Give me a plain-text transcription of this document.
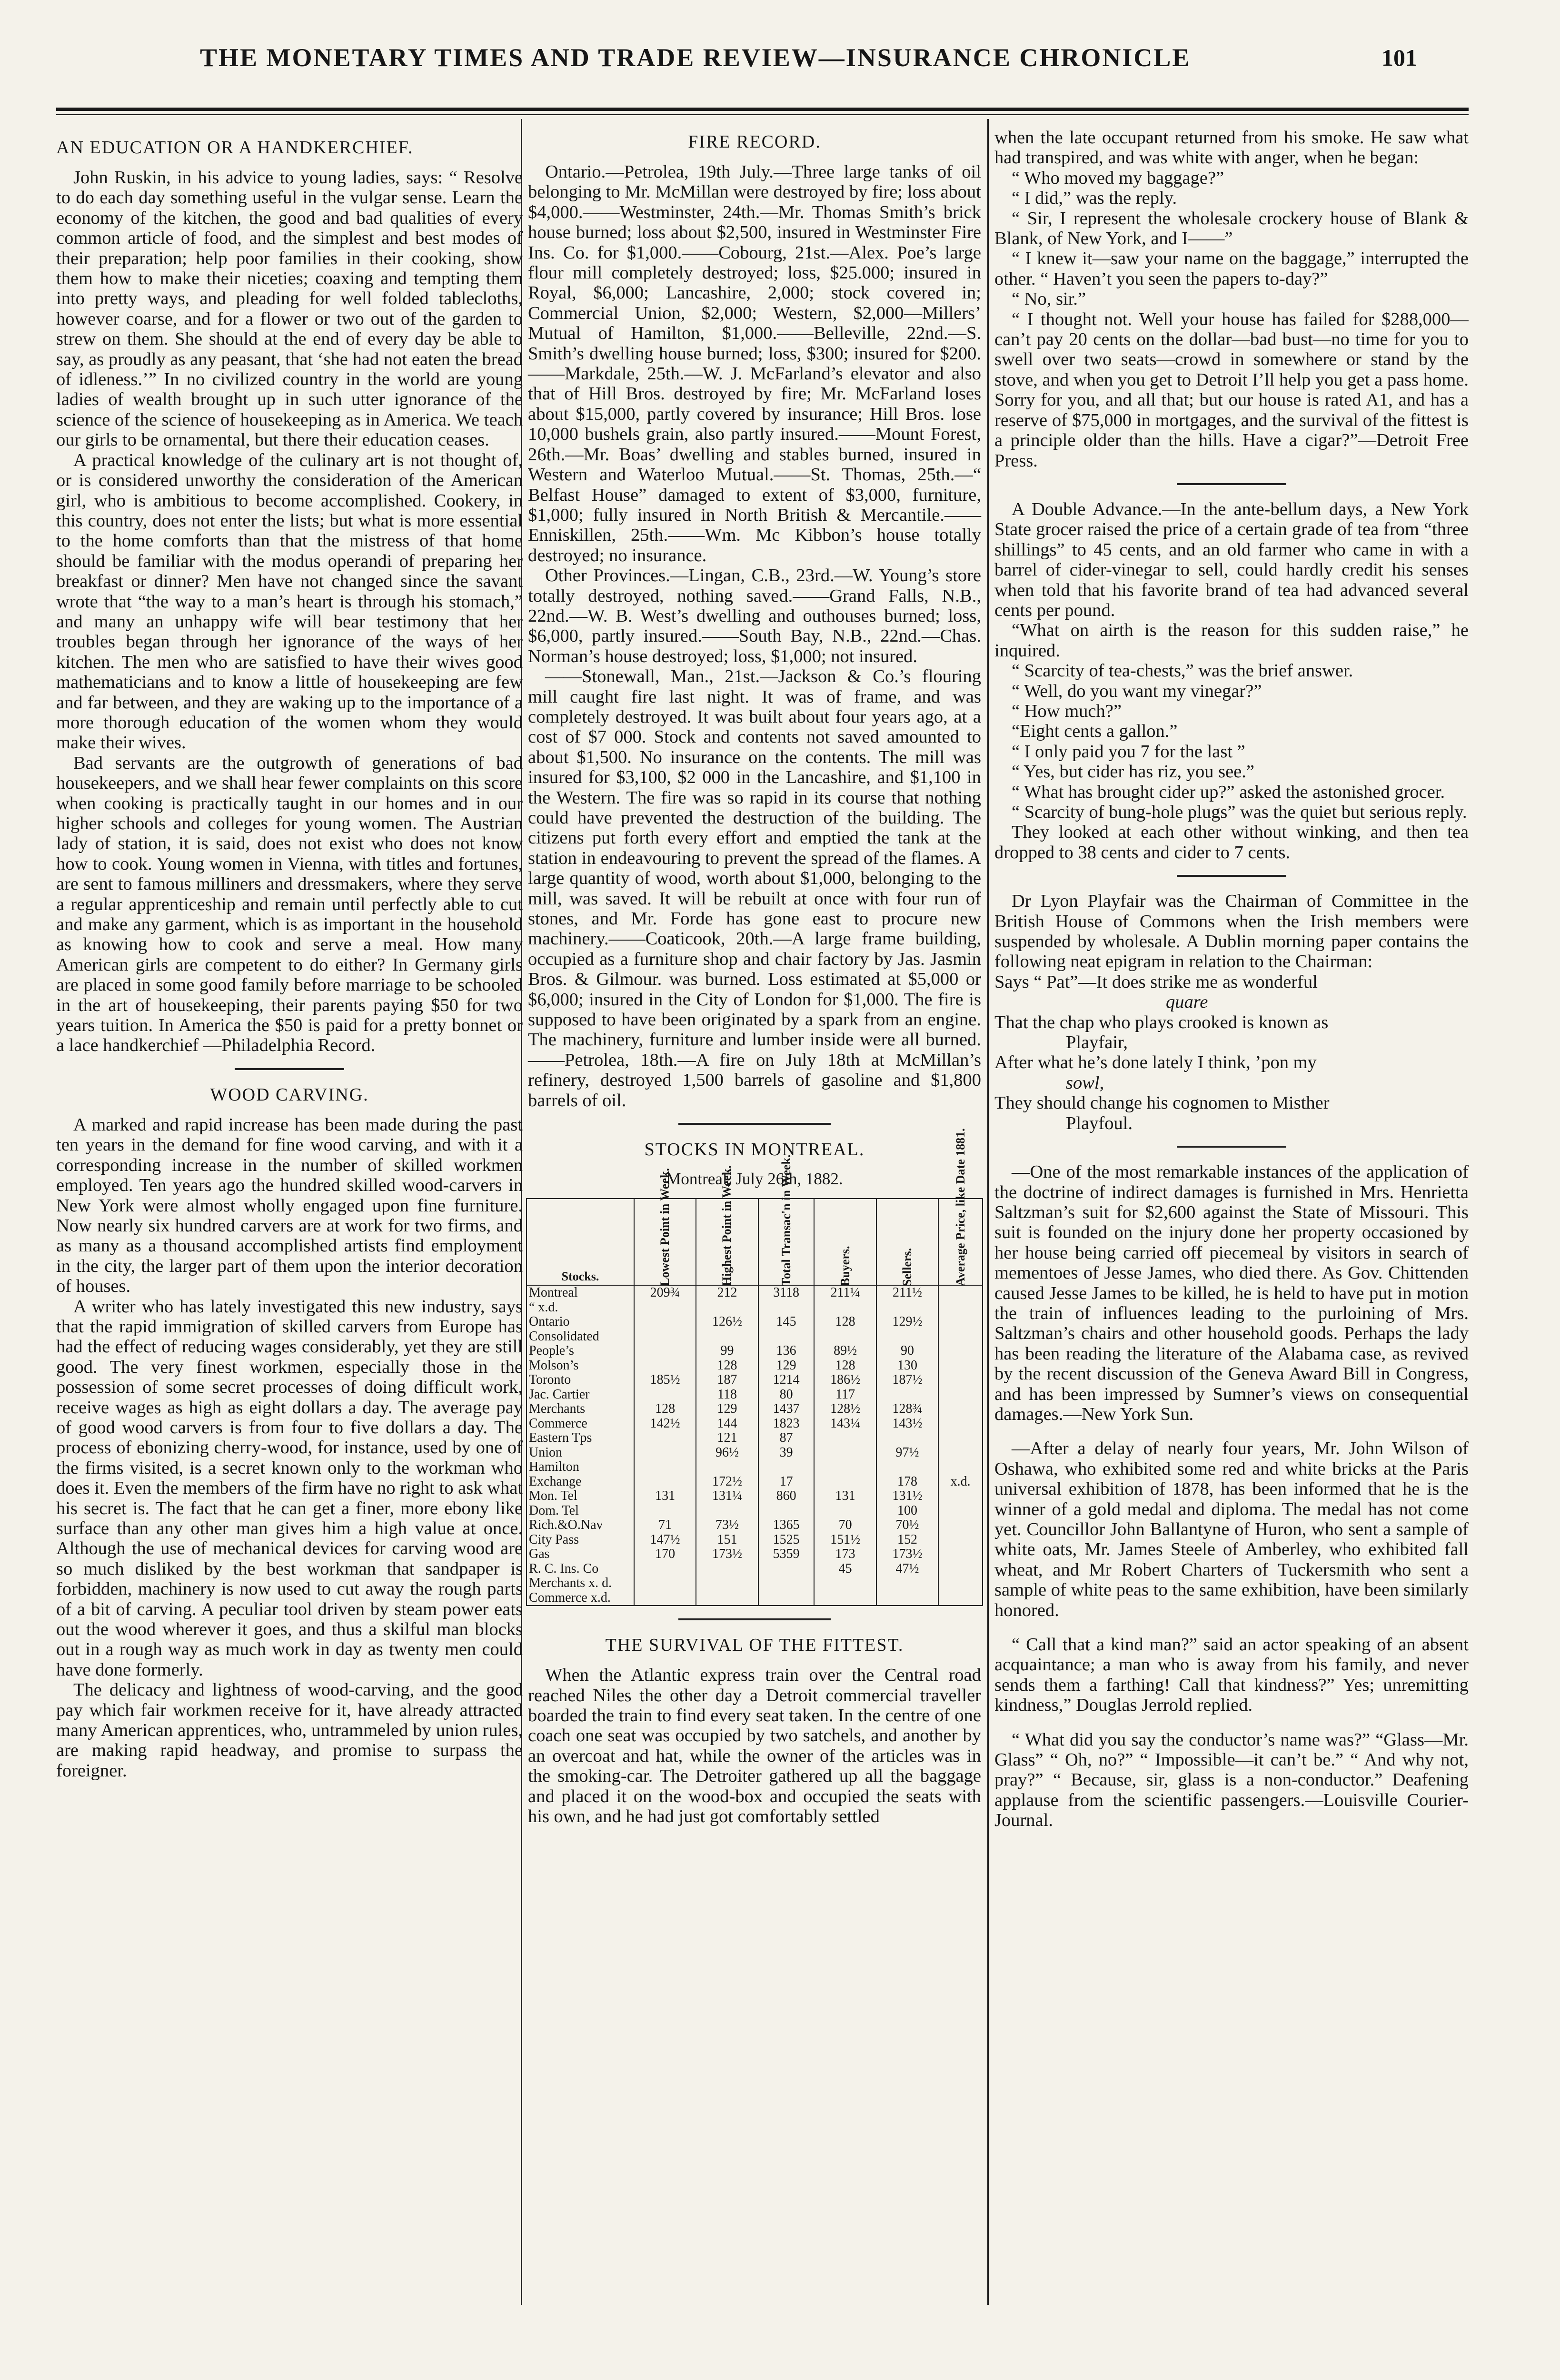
THE MONETARY TIMES AND TRADE REVIEW—INSURANCE CHRONICLE	101
AN EDUCATION OR A HANDKERCHIEF.

John Ruskin, in his advice to young ladies, says: “ Resolve to do each day something useful in the vulgar sense. Learn the economy of the kitchen, the good and bad qualities of every common article of food, and the simplest and best modes of their preparation; help poor families in their cooking, show them how to make their niceties; coaxing and tempting them into pretty ways, and pleading for well folded tablecloths, however coarse, and for a flower or two out of the garden to strew on them. She should at the end of every day be able to say, as proudly as any peasant, that ‘she had not eaten the bread of idleness.’” In no civilized country in the world are young ladies of wealth brought up in such utter ignorance of the science of the science of housekeeping as in America. We teach our girls to be ornamental, but there their education ceases.

A practical knowledge of the culinary art is not thought of, or is considered unworthy the consideration of the American girl, who is ambitious to become accomplished. Cookery, in this country, does not enter the lists; but what is more essential to the home comforts than that the mistress of that home should be familiar with the modus operandi of preparing her breakfast or dinner? Men have not changed since the savant wrote that “the way to a man’s heart is through his stomach,” and many an unhappy wife will bear testimony that her troubles began through her ignorance of the ways of her kitchen. The men who are satisfied to have their wives good mathematicians and to know a little of housekeeping are few and far between, and they are waking up to the importance of a more thorough education of the women whom they would make their wives.

Bad servants are the outgrowth of generations of bad housekeepers, and we shall hear fewer complaints on this score when cooking is practically taught in our homes and in our higher schools and colleges for young women. The Austrian lady of station, it is said, does not exist who does not know how to cook. Young women in Vienna, with titles and fortunes, are sent to famous milliners and dressmakers, where they serve a regular apprenticeship and remain until perfectly able to cut and make any garment, which is as important in the household as knowing how to cook and serve a meal. How many American girls are competent to do either? In Germany girls are placed in some good family before marriage to be schooled in the art of housekeeping, their parents paying $50 for two years tuition. In America the $50 is paid for a pretty bonnet or a lace handkerchief —Philadelphia Record.

WOOD CARVING.

A marked and rapid increase has been made during the past ten years in the demand for fine wood carving, and with it a corresponding increase in the number of skilled workmen employed. Ten years ago the hundred skilled wood-carvers in New York were almost wholly engaged upon fine furniture. Now nearly six hundred carvers are at work for two firms, and as many as a thousand accomplished artists find employment in the city, the larger part of them upon the interior decoration of houses.

A writer who has lately investigated this new industry, says that the rapid immigration of skilled carvers from Europe has had the effect of reducing wages considerably, yet they are still good. The very finest workmen, especially those in the possession of some secret processes of doing difficult work, receive wages as high as eight dollars a day. The average pay of good wood carvers is from four to five dollars a day. The process of ebonizing cherry-wood, for instance, used by one of the firms visited, is a secret known only to the workman who does it. Even the members of the firm have no right to ask what his secret is. The fact that he can get a finer, more ebony like surface than any other man gives him a high value at once. Although the use of mechanical devices for carving wood are so much disliked by the best workman that sandpaper is forbidden, machinery is now used to cut away the rough parts of a bit of carving. A peculiar tool driven by steam power eats out the wood wherever it goes, and thus a skilful man blocks out in a rough way as much work in day as twenty men could have done formerly.

The delicacy and lightness of wood-carving, and the good pay which fair workmen receive for it, have already attracted many American apprentices, who, untrammeled by union rules, are making rapid headway, and promise to surpass the foreigner.

FIRE RECORD.

Ontario.—Petrolea, 19th July.—Three large tanks of oil belonging to Mr. McMillan were destroyed by fire; loss about $4,000.——Westminster, 24th.—Mr. Thomas Smith’s brick house burned; loss about $2,500, insured in Westminster Fire Ins. Co. for $1,000.——Cobourg, 21st.—Alex. Poe’s large flour mill completely destroyed; loss, $25.000; insured in Royal, $6,000; Lancashire, 2,000; stock covered in; Commercial Union, $2,000; Western, $2,000—Millers’ Mutual of Hamilton, $1,000.——Belleville, 22nd.—S. Smith’s dwelling house burned; loss, $300; insured for $200.——Markdale, 25th.—W. J. McFarland’s elevator and also that of Hill Bros. destroyed by fire; Mr. McFarland loses about $15,000, partly covered by insurance; Hill Bros. lose 10,000 bushels grain, also partly insured.——Mount Forest, 26th.—Mr. Boas’ dwelling and stables burned, insured in Western and Waterloo Mutual.——St. Thomas, 25th.—“ Belfast House” damaged to extent of $3,000, furniture, $1,000; fully insured in North British & Mercantile.——Enniskillen, 25th.——Wm. Mc Kibbon’s house totally destroyed; no insurance.

Other Provinces.—Lingan, C.B., 23rd.—W. Young’s store totally destroyed, nothing saved.——Grand Falls, N.B., 22nd.—W. B. West’s dwelling and outhouses burned; loss, $6,000, partly insured.——South Bay, N.B., 22nd.—Chas. Norman’s house destroyed; loss, $1,000; not insured.

——Stonewall, Man., 21st.—Jackson & Co.’s flouring mill caught fire last night. It was of frame, and was completely destroyed. It was built about four years ago, at a cost of $7 000. Stock and contents not saved amounted to about $1,500. No insurance on the contents. The mill was insured for $3,100, $2 000 in the Lancashire, and $1,100 in the Western. The fire was so rapid in its course that nothing could have prevented the destruction of the building. The citizens put forth every effort and emptied the tank at the station in endeavouring to prevent the spread of the flames. A large quantity of wood, worth about $1,000, belonging to the mill, was saved. It will be rebuilt at once with four run of stones, and Mr. Forde has gone east to procure new machinery.——Coaticook, 20th.—A large frame building, occupied as a furniture shop and chair factory by Jas. Jasmin Bros. & Gilmour. was burned. Loss estimated at $5,000 or $6,000; insured in the City of London for $1,000. The fire is supposed to have been originated by a spark from an engine. The machinery, furniture and lumber inside were all burned.——Petrolea, 18th.—A fire on July 18th at McMillan’s refinery, destroyed 1,500 barrels of gasoline and $1,800 barrels of oil.

STOCKS IN MONTREAL.
Montreal, July 26th, 1882.
Stocks.	Lowest Point in Week.	Highest Point in Week.	Total Transac'n in Week.	Buyers.	Sellers.	Average Price, like Date 1881.
Montreal	209¾	212	3118	211¼	211½	
“ x.d.						
Ontario		126½	145	128	129½	
Consolidated						
People’s		99	136	89½	90	
Molson’s		128	129	128	130	
Toronto	185½	187	1214	186½	187½	
Jac. Cartier		118	80	117		
Merchants	128	129	1437	128½	128¾	
Commerce	142½	144	1823	143¼	143½	
Eastern Tps		121	87			
Union		96½	39		97½	
Hamilton						
Exchange		172½	17		178	x.d.
Mon. Tel	131	131¼	860	131	131½	
Dom. Tel					100	
Rich.&O.Nav	71	73½	1365	70	70½	
City Pass	147½	151	1525	151½	152	
Gas	170	173½	5359	173	173½	
R. C. Ins. Co				45	47½	
Merchants x. d.						
Commerce x.d.						
THE SURVIVAL OF THE FITTEST.

When the Atlantic express train over the Central road reached Niles the other day a Detroit commercial traveller boarded the train to find every seat taken. In the centre of one coach one seat was occupied by two satchels, and another by an overcoat and hat, while the owner of the articles was in the smoking-car. The Detroiter gathered up all the baggage and placed it on the wood-box and occupied the seats with his own, and he had just got comfortably settled

when the late occupant returned from his smoke. He saw what had transpired, and was white with anger, when he began:

“ Who moved my baggage?”

“ I did,” was the reply.

“ Sir, I represent the wholesale crockery house of Blank & Blank, of New York, and I——”

“ I knew it—saw your name on the baggage,” interrupted the other. “ Haven’t you seen the papers to-day?”

“ No, sir.”

“ I thought not. Well your house has failed for $288,000—can’t pay 20 cents on the dollar—bad bust—no time for you to swell over two seats—crowd in somewhere or stand by the stove, and when you get to Detroit I’ll help you get a pass home. Sorry for you, and all that; but our house is rated A1, and has a reserve of $75,000 in mortgages, and the survival of the fittest is a principle older than the hills. Have a cigar?”—Detroit Free Press.

A Double Advance.—In the ante-bellum days, a New York State grocer raised the price of a certain grade of tea from “three shillings” to 45 cents, and an old farmer who came in with a barrel of cider-vinegar to sell, could hardly credit his senses when told that his favorite brand of tea had advanced several cents per pound.

“What on airth is the reason for this sudden raise,” he inquired.

“ Scarcity of tea-chests,” was the brief answer.

“ Well, do you want my vinegar?”

“ How much?”

“Eight cents a gallon.”

“ I only paid you 7 for the last ”

“ Yes, but cider has riz, you see.”

“ What has brought cider up?” asked the astonished grocer.

“ Scarcity of bung-hole plugs” was the quiet but serious reply.

They looked at each other without winking, and then tea dropped to 38 cents and cider to 7 cents.

Dr Lyon Playfair was the Chairman of Committee in the British House of Commons when the Irish members were suspended by wholesale. A Dublin morning paper contains the following neat epigram in relation to the Chairman:

Says “ Pat”—It does strike me as wonderful
quare
That the chap who plays crooked is known as
Playfair,
After what he’s done lately I think, ’pon my
sowl,
They should change his cognomen to Misther
Playfoul.

—One of the most remarkable instances of the application of the doctrine of indirect damages is furnished in Mrs. Henrietta Saltzman’s suit for $2,600 against the State of Missouri. This suit is founded on the injury done her property occasioned by her house being carried off piecemeal by visitors in search of mementoes of Jesse James, who died there. As Gov. Chittenden caused Jesse James to be killed, he is held to have put in motion the train of influences leading to the purloining of Mrs. Saltzman’s chairs and other household goods. Perhaps the lady has been reading the literature of the Alabama case, as revived by the recent discussion of the Geneva Award Bill in Congress, and has been impressed by Sumner’s views on consequential damages.—New York Sun.

—After a delay of nearly four years, Mr. John Wilson of Oshawa, who exhibited some red and white bricks at the Paris universal exhibition of 1878, has been informed that he is the winner of a gold medal and diploma. The medal has not come yet. Councillor John Ballantyne of Huron, who sent a sample of white oats, Mr. James Steele of Amberley, who exhibited fall wheat, and Mr Robert Charters of Tuckersmith who sent a sample of white peas to the same exhibition, have been similarly honored.

“ Call that a kind man?” said an actor speaking of an absent acquaintance; a man who is away from his family, and never sends them a farthing! Call that kindness?” Yes; unremitting kindness,” Douglas Jerrold replied.

“ What did you say the conductor’s name was?” “Glass—Mr. Glass” “ Oh, no?” “ Impossible—it can’t be.” “ And why not, pray?” “ Because, sir, glass is a non-conductor.” Deafening applause from the scientific passengers.—Louisville Courier-Journal.
